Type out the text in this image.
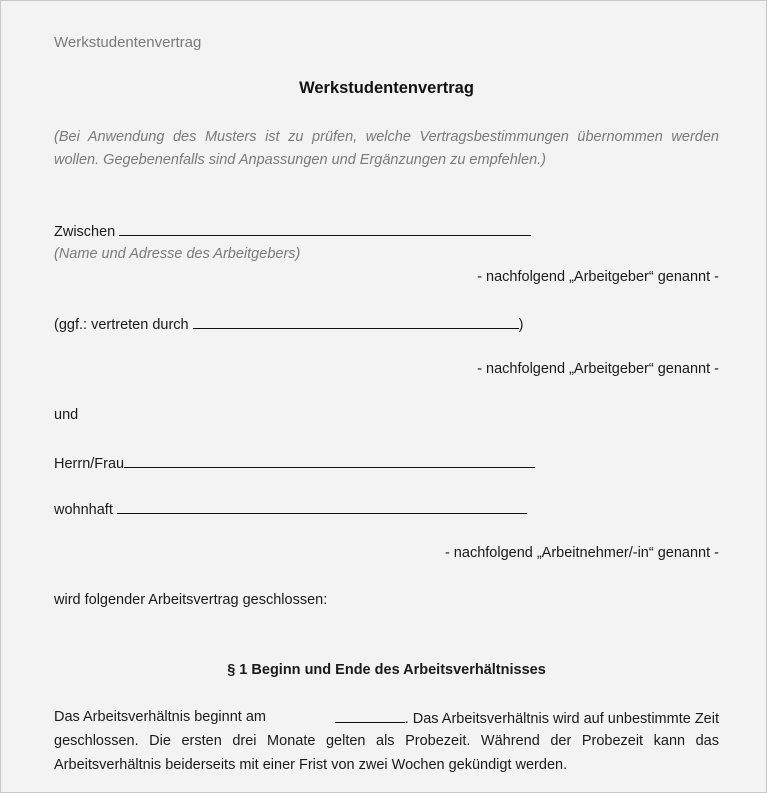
Werkstudentenvertrag
Werkstudentenvertrag
(Bei Anwendung des Musters ist zu prüfen, welche Vertragsbestimmungen übernommen werden
wollen. Gegebenenfalls sind Anpassungen und Ergänzungen zu empfehlen.)
Zwischen
(Name und Adresse des Arbeitgebers)
- nachfolgend „Arbeitgeber“ genannt -
(ggf.: vertreten durch	)
- nachfolgend „Arbeitgeber“ genannt -
und
Herrn/Frau
wohnhaft
- nachfolgend „Arbeitnehmer/-in“ genannt -
wird folgender Arbeitsvertrag geschlossen:
§ 1 Beginn und Ende des Arbeitsverhältnisses
Das Arbeitsverhältnis beginnt am	. Das Arbeitsverhältnis wird auf unbestimmte Zeit
geschlossen. Die ersten drei Monate gelten als Probezeit. Während der Probezeit kann das
Arbeitsverhältnis beiderseits mit einer Frist von zwei Wochen gekündigt werden.
